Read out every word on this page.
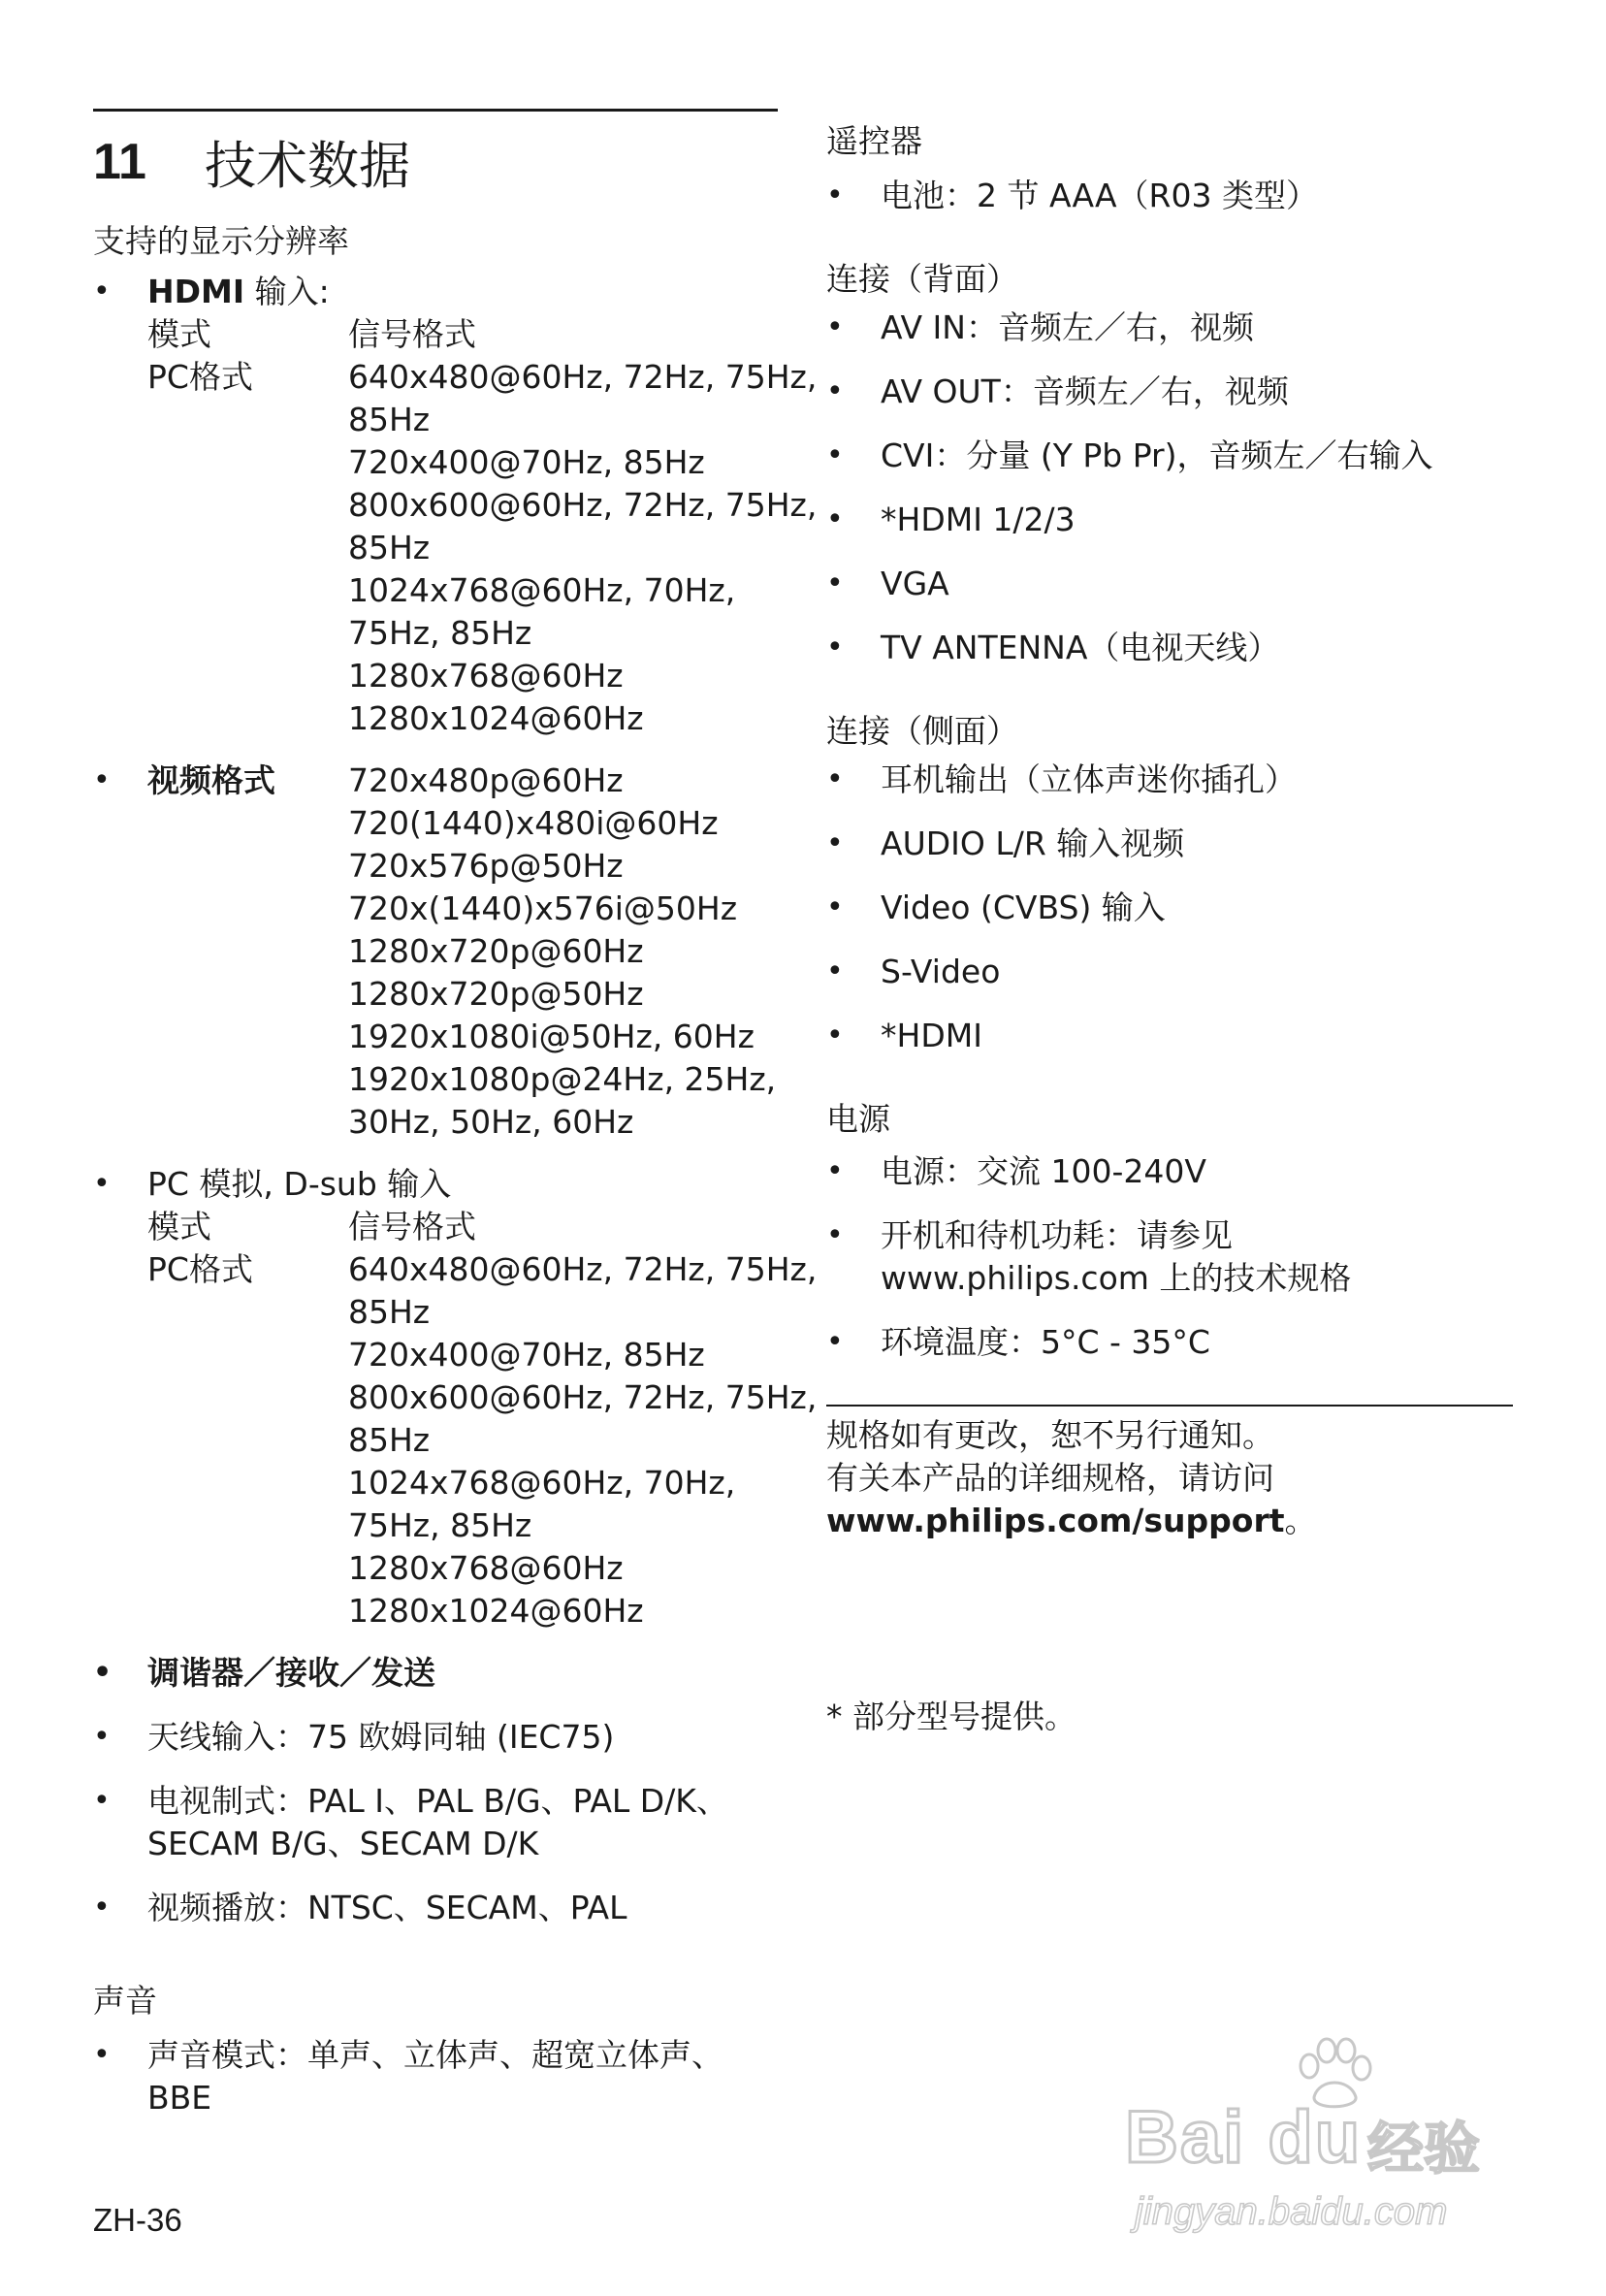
11	技术数据
支持的显示分辨率
• HDMI 输入:
模式	信号格式
PC格式	640x480@60Hz, 72Hz, 75Hz,
85Hz
720x400@70Hz, 85Hz
800x600@60Hz, 72Hz, 75Hz,
85Hz
1024x768@60Hz, 70Hz,
75Hz, 85Hz
1280x768@60Hz
1280x1024@60Hz
• 视频格式	720x480p@60Hz
720(1440)x480i@60Hz
720x576p@50Hz
720x(1440)x576i@50Hz
1280x720p@60Hz
1280x720p@50Hz
1920x1080i@50Hz, 60Hz
1920x1080p@24Hz, 25Hz,
30Hz, 50Hz, 60Hz
• PC 模拟, D-sub 输入
模式	信号格式
PC格式	640x480@60Hz, 72Hz, 75Hz,
85Hz
720x400@70Hz, 85Hz
800x600@60Hz, 72Hz, 75Hz,
85Hz
1024x768@60Hz, 70Hz,
75Hz, 85Hz
1280x768@60Hz
1280x1024@60Hz
• 调谐器／接收／发送
• 天线输入：75 欧姆同轴 (IEC75)
• 电视制式：PAL I、PAL B/G、PAL D/K、SECAM B/G、SECAM D/K
• 视频播放：NTSC、SECAM、PAL
声音
• 声音模式：单声、立体声、超宽立体声、BBE
遥控器
• 电池：2 节 AAA（R03 类型）
连接（背面）
• AV IN：音频左／右，视频
• AV OUT：音频左／右，视频
• CVI：分量 (Y Pb Pr)，音频左／右输入
• *HDMI 1/2/3
• VGA
• TV ANTENNA（电视天线）
连接（侧面）
• 耳机输出（立体声迷你插孔）
• AUDIO L/R 输入视频
• Video (CVBS) 输入
• S-Video
• *HDMI
电源
• 电源：交流 100-240V
• 开机和待机功耗：请参见
www.philips.com 上的技术规格
• 环境温度：5°C - 35°C
规格如有更改，恕不另行通知。
有关本产品的详细规格，请访问
www.philips.com/support。
* 部分型号提供。
ZH-36
Bai du 经验
jingyan.baidu.com
